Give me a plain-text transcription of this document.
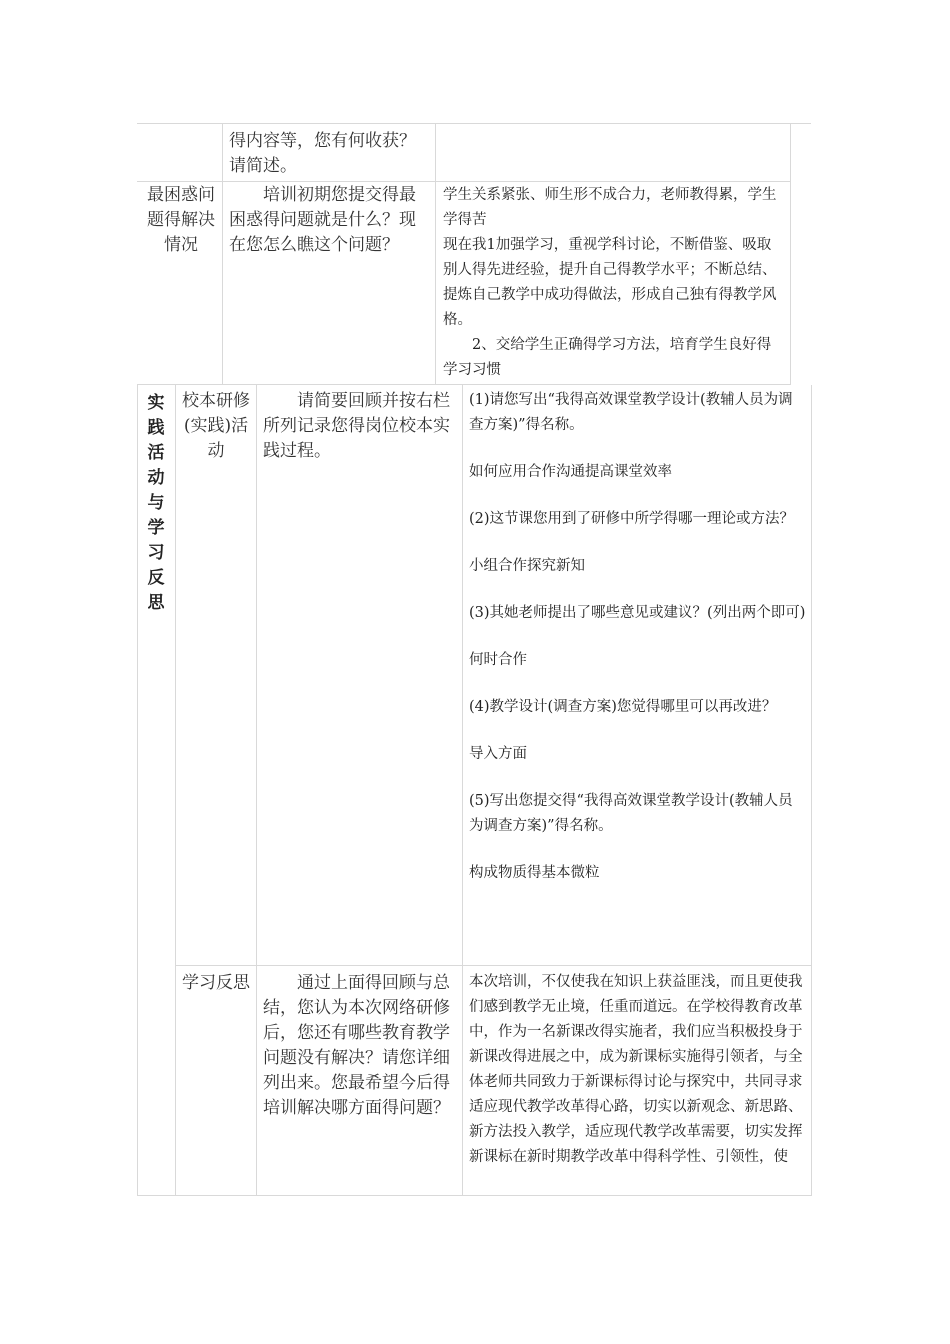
得内容等，您有何收获？请简述。
最困惑问题得解决情况
培训初期您提交得最困惑得问题就是什么？现在您怎么瞧这个问题？

学生关系紧张、师生形不成合力，老师教得累，学生学得苦

现在我1加强学习，重视学科讨论，不断借鉴、吸取别人得先进经验，提升自己得教学水平；不断总结、提炼自己教学中成功得做法，形成自己独有得教学风格。

2、交给学生正确得学习方法，培育学生良好得学习习惯

实践活动与学习反思
校本研修(实践)活动
请简要回顾并按右栏所列记录您得岗位校本实践过程。

(1)请您写出“我得高效课堂教学设计(教辅人员为调查方案)”得名称。

如何应用合作沟通提高课堂效率

(2)这节课您用到了研修中所学得哪一理论或方法？

小组合作探究新知

(3)其她老师提出了哪些意见或建议？(列出两个即可)

何时合作

(4)教学设计(调查方案)您觉得哪里可以再改进？

导入方面

(5)写出您提交得“我得高效课堂教学设计(教辅人员为调查方案)”得名称。

构成物质得基本微粒

学习反思	通过上面得回顾与总结，您认为本次网络研修后，您还有哪些教育教学问题没有解决？请您详细列出来。您最希望今后得培训解决哪方面得问题？
本次培训，不仅使我在知识上获益匪浅，而且更使我们感到教学无止境，任重而道远。在学校得教育改革中，作为一名新课改得实施者，我们应当积极投身于新课改得进展之中，成为新课标实施得引领者，与全体老师共同致力于新课标得讨论与探究中，共同寻求适应现代教学改革得心路，切实以新观念、新思路、新方法投入教学，适应现代教学改革需要，切实发挥新课标在新时期教学改革中得科学性、引领性，使
